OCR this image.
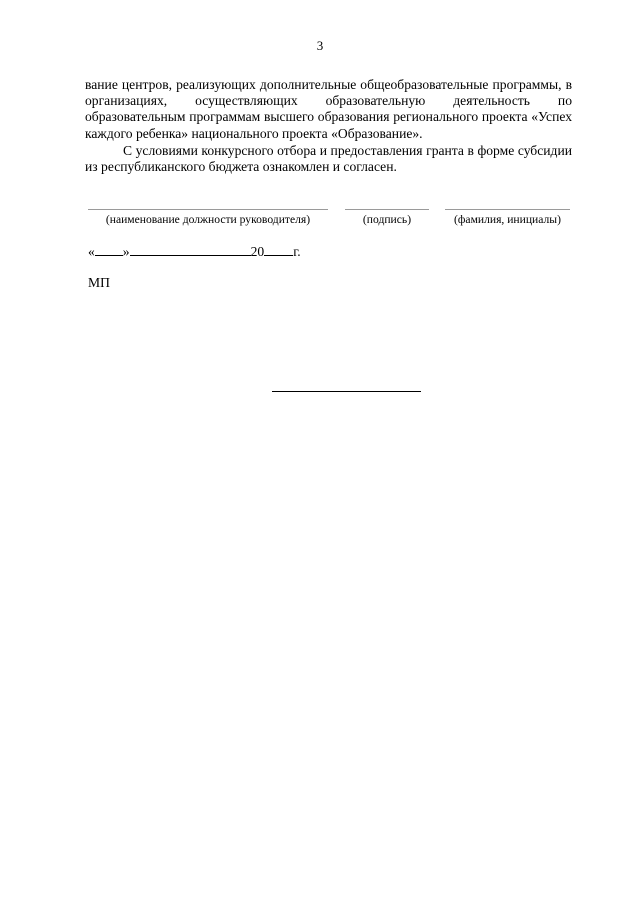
3

вание центров, реализующих дополнительные общеобразовательные программы, в организациях, осуществляющих образовательную деятельность по образовательным программам высшего образования регионального проекта «Успех каждого ребенка» национального проекта «Образование».

С условиями конкурсного отбора и предоставления гранта в форме субсидии из республиканского бюджета ознакомлен и согласен.

(наименование должности руководителя)	(подпись)	(фамилия, инициалы)
« »	20 г.
МП
